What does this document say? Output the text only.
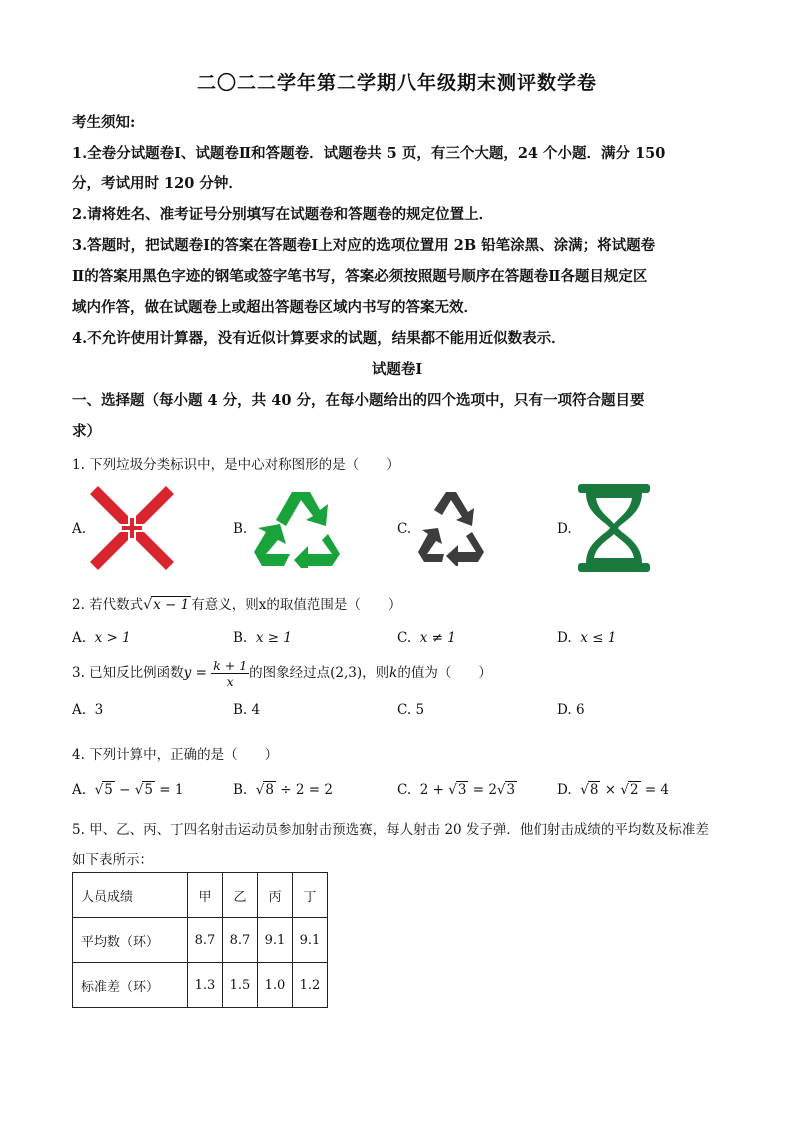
二〇二二学年第二学期八年级期末测评数学卷
考生须知:
1.全卷分试题卷Ⅰ、试题卷Ⅱ和答题卷．试题卷共 5 页，有三个大题，24 个小题．满分 150
分，考试用时 120 分钟．
2.请将姓名、准考证号分别填写在试题卷和答题卷的规定位置上．
3.答题时，把试题卷Ⅰ的答案在答题卷Ⅰ上对应的选项位置用 2B 铅笔涂黑、涂满；将试题卷
Ⅱ的答案用黑色字迹的钢笔或签字笔书写，答案必须按照题号顺序在答题卷Ⅱ各题目规定区
域内作答，做在试题卷上或超出答题卷区域内书写的答案无效．
4.不允许使用计算器，没有近似计算要求的试题，结果都不能用近似数表示．
试题卷Ⅰ
一、选择题（每小题 4 分，共 40 分，在每小题给出的四个选项中，只有一项符合题目要
求）
1. 下列垃圾分类标识中，是中心对称图形的是（　　）
A.	B.	C.	D.
2. 若代数式√x − 1 有意义，则x的取值范围是（　　）
A. x > 1	B. x ≥ 1	C. x ≠ 1	D. x ≤ 1
3. 已知反比例函数$y = \frac{k + 1}{x}$ 的图象经过点(2,3)，则k的值为（　　）
A. 3	B. 4	C. 5	D. 6
4. 下列计算中，正确的是（　　）
A. √5 − √5 = 1	B.  √8 ÷ 2 = 2	C. 2 + √3 = 2√3	D.  √8 × √2 = 4
5. 甲、乙、丙、丁四名射击运动员参加射击预选赛，每人射击 20 发子弹．他们射击成绩的平均数及标准差
如下表所示：
人员成绩	甲	乙	丙	丁
平均数（环）	8.7	8.7	9.1	9.1
标准差（环）	1.3	1.5	1.0	1.2
